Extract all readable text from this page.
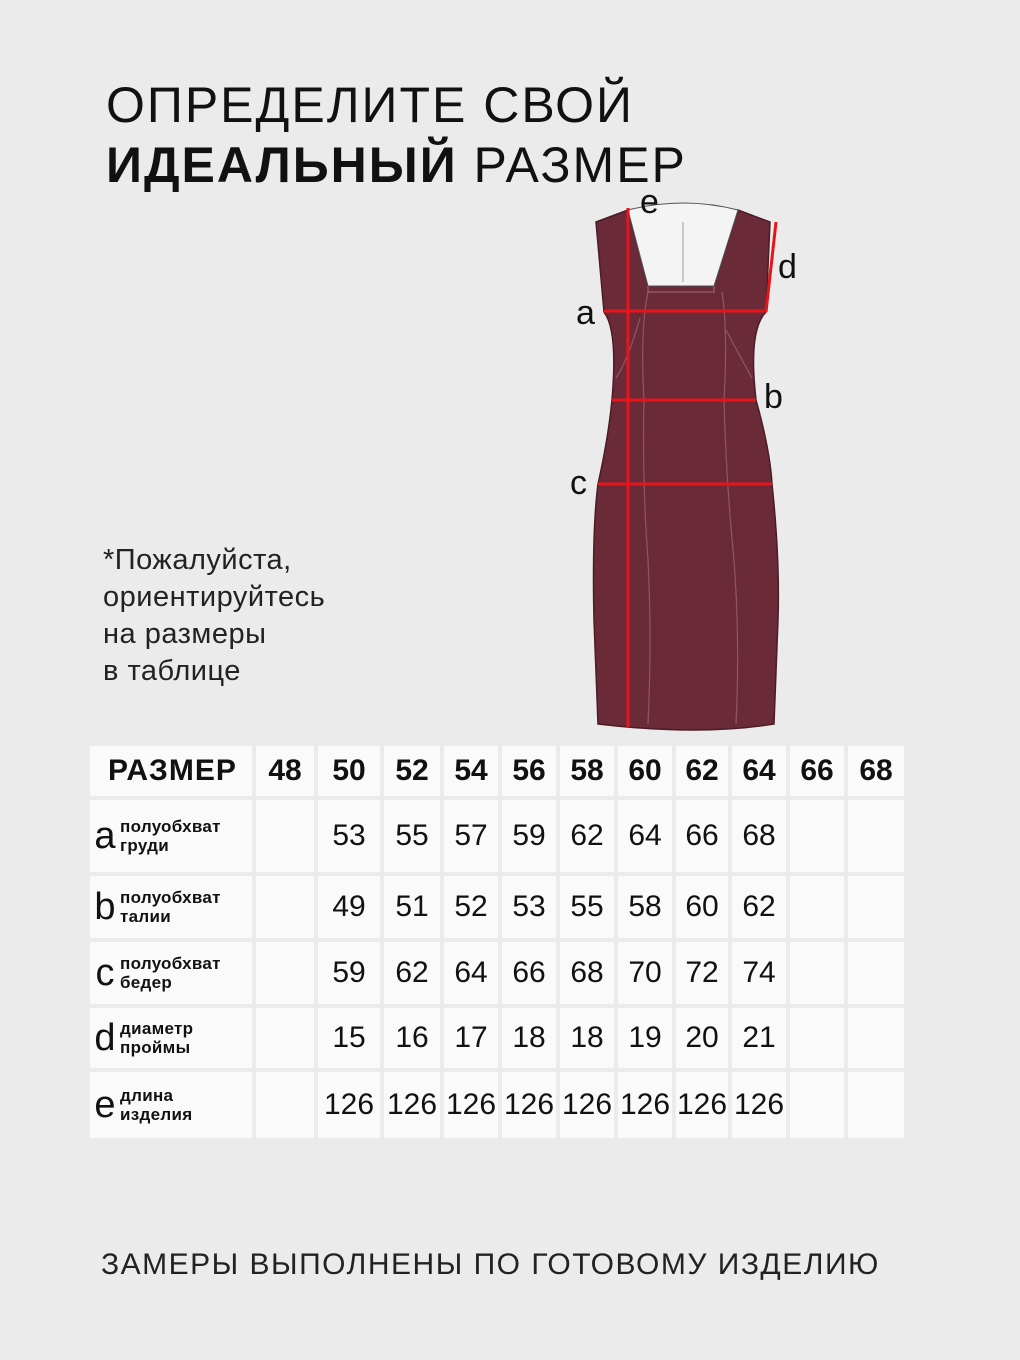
ОПРЕДЕЛИТЕ СВОЙ
ИДЕАЛЬНЫЙ РАЗМЕР
*Пожалуйста,
ориентируйтесь
на размеры
в таблице
e
d
a
b
c
РАЗМЕР	48	50	52	54	56	58	60	62	64	66	68

a полуобхват
груди		53	55	57	59	62	64	66	68		

b полуобхват
талии		49	51	52	53	55	58	60	62		

c полуобхват
бедер		59	62	64	66	68	70	72	74		

d диаметр
проймы		15	16	17	18	18	19	20	21		

e длина
изделия		126	126	126	126	126	126	126	126		
ЗАМЕРЫ ВЫПОЛНЕНЫ ПО ГОТОВОМУ ИЗДЕЛИЮ
